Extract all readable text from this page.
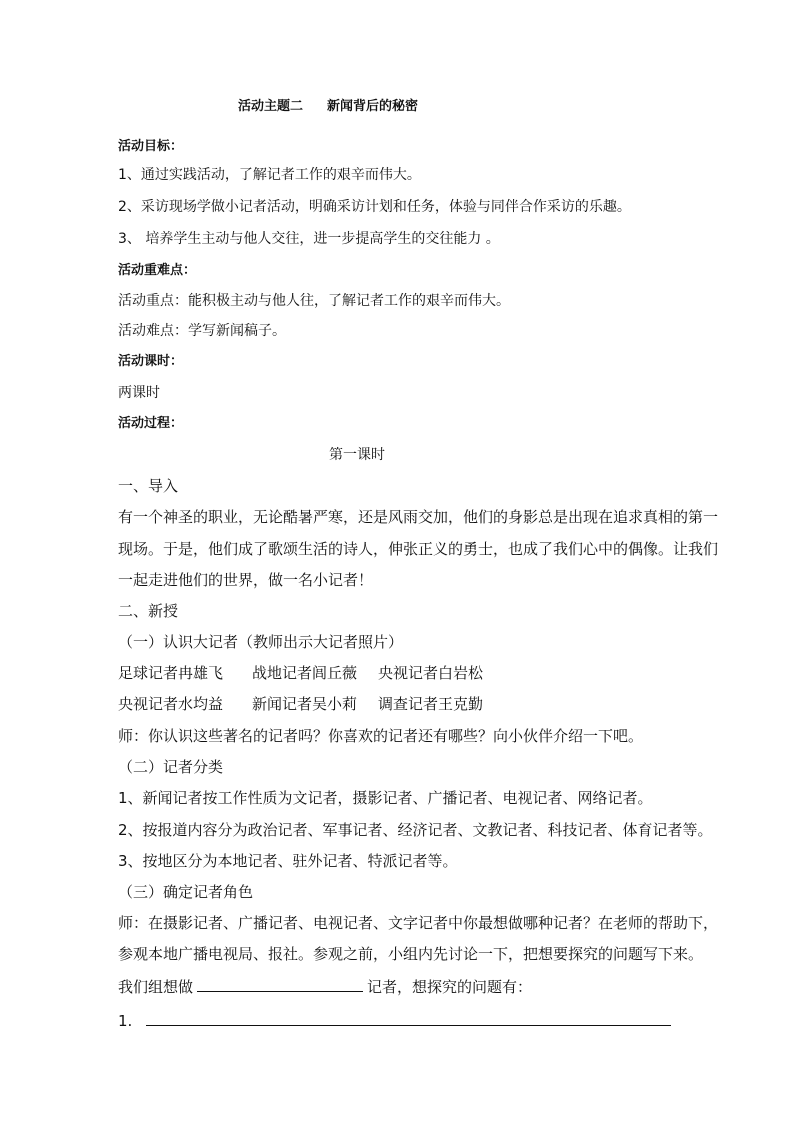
活动主题二 新闻背后的秘密

活动目标：

1、通过实践活动，了解记者工作的艰辛而伟大。

2、采访现场学做小记者活动，明确采访计划和任务，体验与同伴合作采访的乐趣。

3、 培养学生主动与他人交往，进一步提高学生的交往能力 。

活动重难点：

活动重点：能积极主动与他人往，了解记者工作的艰辛而伟大。

活动难点：学写新闻稿子。

活动课时：

两课时

活动过程：

第一课时

一、导入

有一个神圣的职业，无论酷暑严寒，还是风雨交加，他们的身影总是出现在追求真相的第一

现场。于是，他们成了歌颂生活的诗人，伸张正义的勇士，也成了我们心中的偶像。让我们

一起走进他们的世界，做一名小记者！

二、新授

（一）认识大记者（教师出示大记者照片）

足球记者冉雄飞 战地记者闾丘薇 央视记者白岩松

央视记者水均益 新闻记者吴小莉 调查记者王克勤

师：你认识这些著名的记者吗？你喜欢的记者还有哪些？向小伙伴介绍一下吧。

（二）记者分类

1、新闻记者按工作性质为文记者，摄影记者、广播记者、电视记者、网络记者。

2、按报道内容分为政治记者、军事记者、经济记者、文教记者、科技记者、体育记者等。

3、按地区分为本地记者、驻外记者、特派记者等。

（三）确定记者角色

师：在摄影记者、广播记者、电视记者、文字记者中你最想做哪种记者？在老师的帮助下，

参观本地广播电视局、报社。参观之前，小组内先讨论一下，把想要探究的问题写下来。

我们组想做	记者，想探究的问题有：

1.
